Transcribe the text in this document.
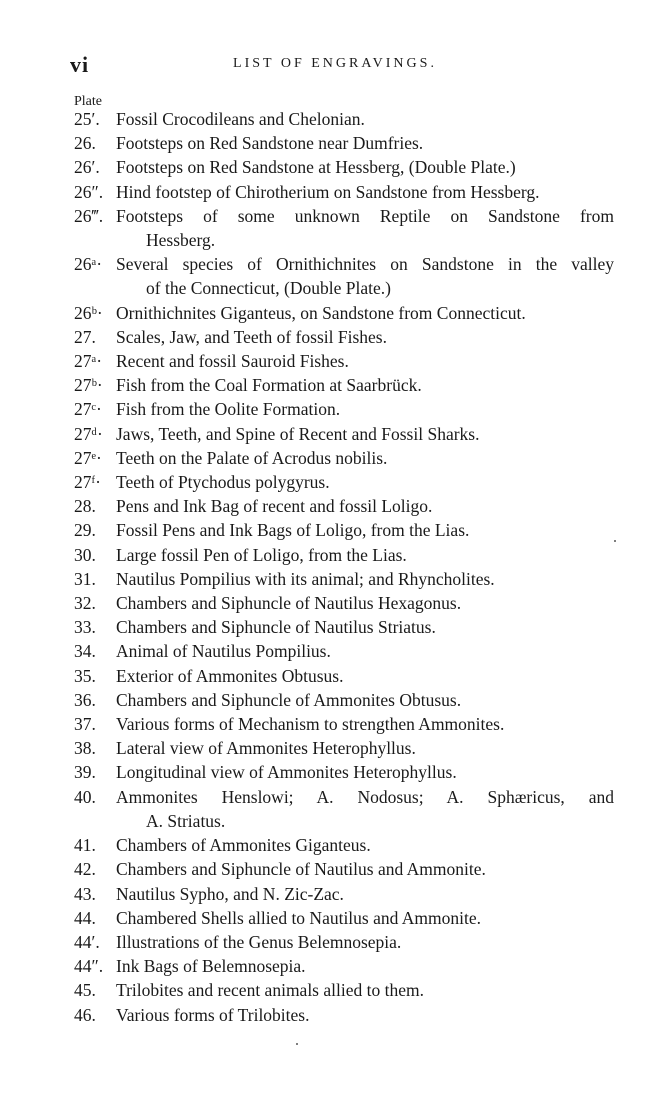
vi	LIST OF ENGRAVINGS.
Plate
25′. Fossil Crocodileans and Chelonian.
26.	Footsteps on Red Sandstone near Dumfries.
26′. Footsteps on Red Sandstone at Hessberg, (Double Plate.)
26″. Hind footstep of Chirotherium on Sandstone from Hessberg.
26‴. Footsteps of some unknown Reptile on Sandstone from
Hessberg.
26ᵃ· Several species of Ornithichnites on Sandstone in the valley
of the Connecticut, (Double Plate.)
26ᵇ· Ornithichnites Giganteus, on Sandstone from Connecticut.
27.	Scales, Jaw, and Teeth of fossil Fishes.
27ᵃ· Recent and fossil Sauroid Fishes.
27ᵇ· Fish from the Coal Formation at Saarbrück.
27ᶜ· Fish from the Oolite Formation.
27ᵈ· Jaws, Teeth, and Spine of Recent and Fossil Sharks.
27ᵉ· Teeth on the Palate of Acrodus nobilis.
27ᶠ· Teeth of Ptychodus polygyrus.
28.	Pens and Ink Bag of recent and fossil Loligo.
29.	Fossil Pens and Ink Bags of Loligo, from the Lias.
30.	Large fossil Pen of Loligo, from the Lias.
31.	Nautilus Pompilius with its animal; and Rhyncholites.
32.	Chambers and Siphuncle of Nautilus Hexagonus.
33.	Chambers and Siphuncle of Nautilus Striatus.
34.	Animal of Nautilus Pompilius.
35.	Exterior of Ammonites Obtusus.
36.	Chambers and Siphuncle of Ammonites Obtusus.
37.	Various forms of Mechanism to strengthen Ammonites.
38.	Lateral view of Ammonites Heterophyllus.
39.	Longitudinal view of Ammonites Heterophyllus.
40.	Ammonites Henslowi; A. Nodosus; A. Sphæricus, and
A. Striatus.
41.	Chambers of Ammonites Giganteus.
42.	Chambers and Siphuncle of Nautilus and Ammonite.
43.	Nautilus Sypho, and N. Zic-Zac.
44.	Chambered Shells allied to Nautilus and Ammonite.
44′. Illustrations of the Genus Belemnosepia.
44″. Ink Bags of Belemnosepia.
45.	Trilobites and recent animals allied to them.
46.	Various forms of Trilobites.
